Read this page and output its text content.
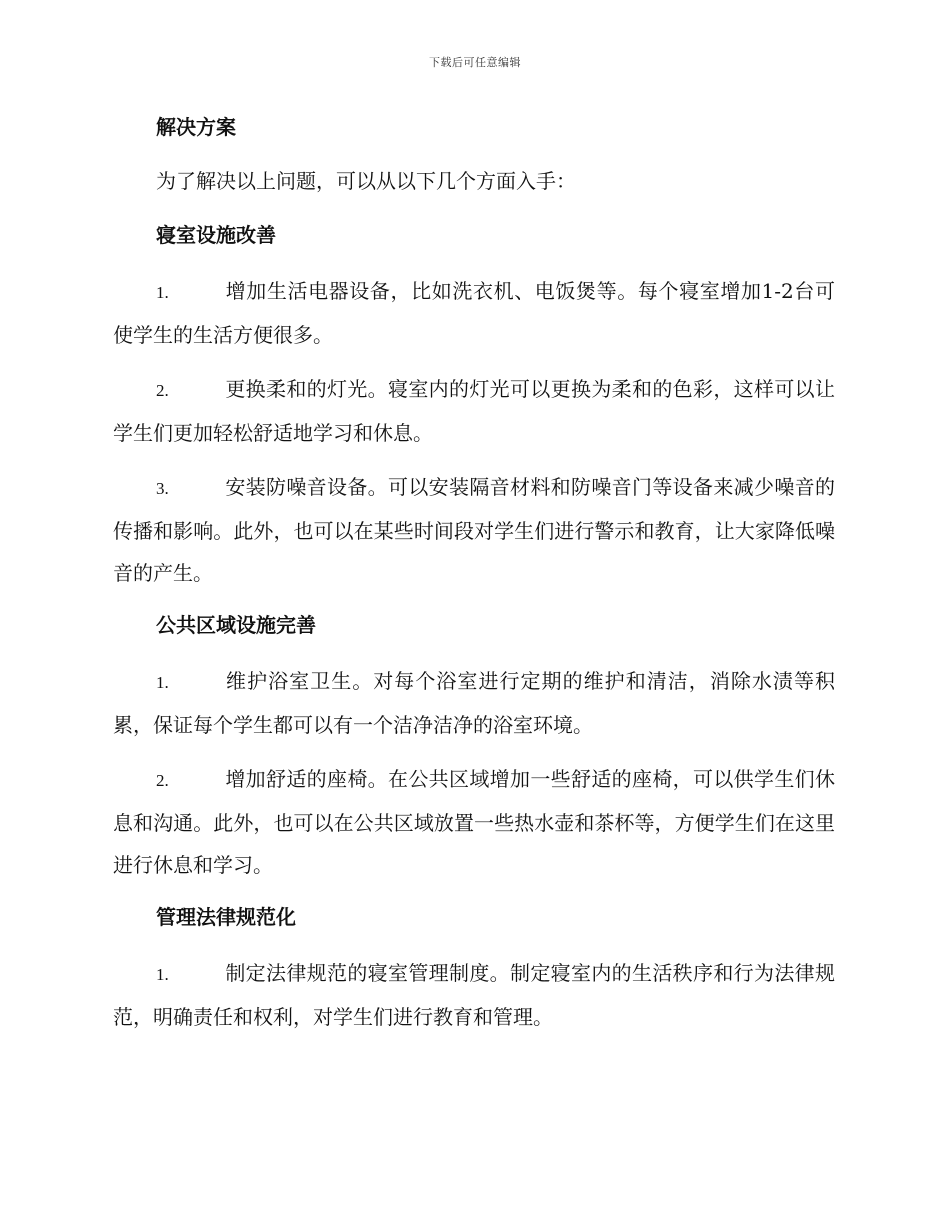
下载后可任意编辑
解决方案
为了解决以上问题，可以从以下几个方面入手：
寝室设施改善
1.	增加生活电器设备，比如洗衣机、电饭煲等。每个寝室增加1-2台可使学生的生活方便很多。
2.	更换柔和的灯光。寝室内的灯光可以更换为柔和的色彩，这样可以让学生们更加轻松舒适地学习和休息。
3.	安装防噪音设备。可以安装隔音材料和防噪音门等设备来减少噪音的传播和影响。此外，也可以在某些时间段对学生们进行警示和教育，让大家降低噪音的产生。
公共区域设施完善
1.	维护浴室卫生。对每个浴室进行定期的维护和清洁，消除水渍等积累，保证每个学生都可以有一个洁净洁净的浴室环境。
2.	增加舒适的座椅。在公共区域增加一些舒适的座椅，可以供学生们休息和沟通。此外，也可以在公共区域放置一些热水壶和茶杯等，方便学生们在这里进行休息和学习。
管理法律规范化
1.	制定法律规范的寝室管理制度。制定寝室内的生活秩序和行为法律规范，明确责任和权利，对学生们进行教育和管理。
